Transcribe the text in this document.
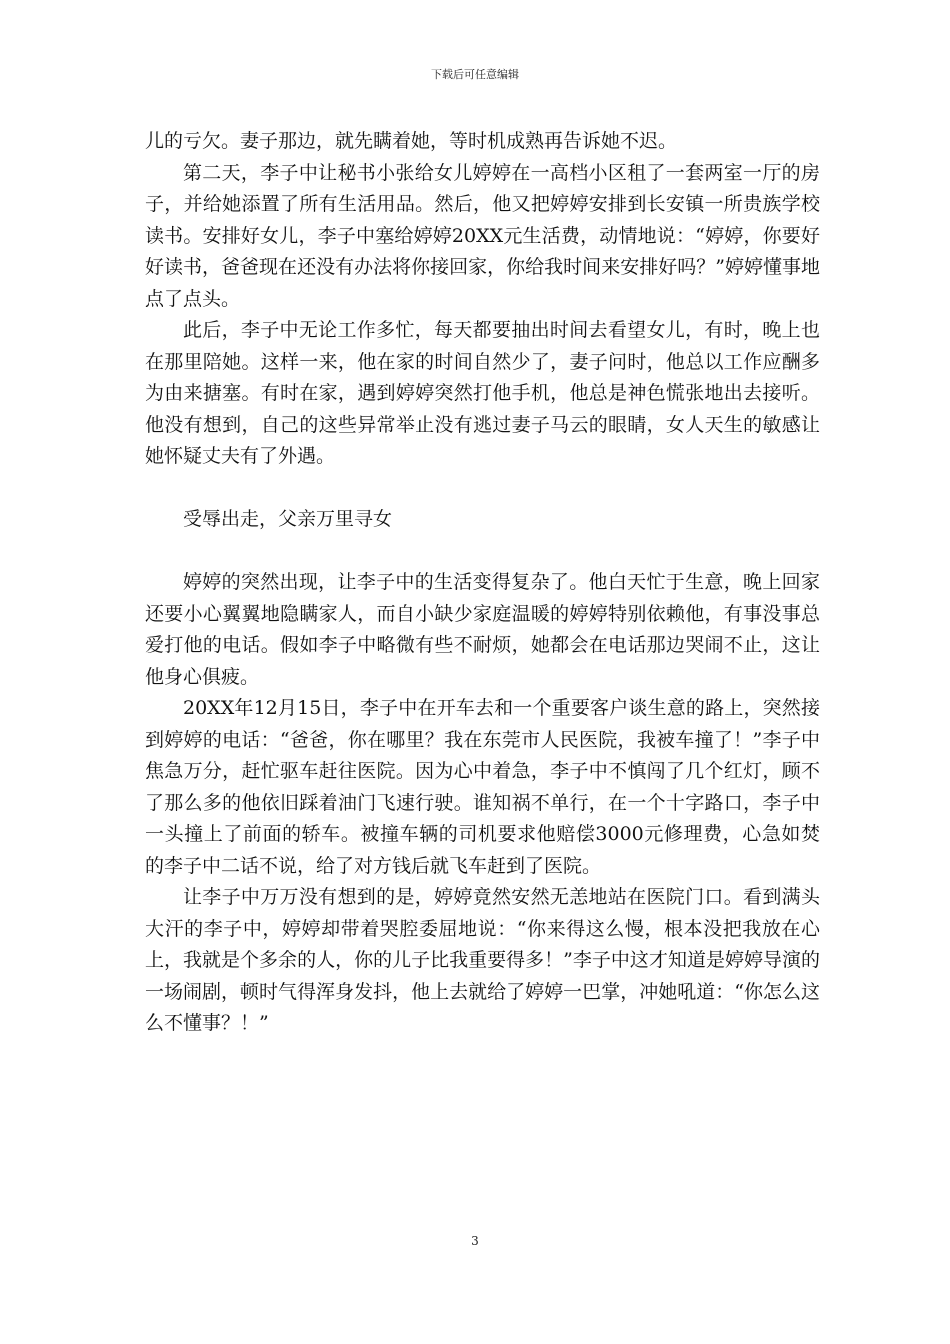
下载后可任意编辑

儿的亏欠。妻子那边，就先瞒着她，等时机成熟再告诉她不迟。

第二天，李子中让秘书小张给女儿婷婷在一高档小区租了一套两室一厅的房子，并给她添置了所有生活用品。然后，他又把婷婷安排到长安镇一所贵族学校读书。安排好女儿，李子中塞给婷婷20XX元生活费，动情地说：“婷婷，你要好好读书，爸爸现在还没有办法将你接回家，你给我时间来安排好吗？”婷婷懂事地点了点头。

此后，李子中无论工作多忙，每天都要抽出时间去看望女儿，有时，晚上也在那里陪她。这样一来，他在家的时间自然少了，妻子问时，他总以工作应酬多为由来搪塞。有时在家，遇到婷婷突然打他手机，他总是神色慌张地出去接听。他没有想到，自己的这些异常举止没有逃过妻子马云的眼睛，女人天生的敏感让她怀疑丈夫有了外遇。

受辱出走，父亲万里寻女

婷婷的突然出现，让李子中的生活变得复杂了。他白天忙于生意，晚上回家还要小心翼翼地隐瞒家人，而自小缺少家庭温暖的婷婷特别依赖他，有事没事总爱打他的电话。假如李子中略微有些不耐烦，她都会在电话那边哭闹不止，这让他身心俱疲。

20XX年12月15日，李子中在开车去和一个重要客户谈生意的路上，突然接到婷婷的电话：“爸爸，你在哪里？我在东莞市人民医院，我被车撞了！”李子中焦急万分，赶忙驱车赶往医院。因为心中着急，李子中不慎闯了几个红灯，顾不了那么多的他依旧踩着油门飞速行驶。谁知祸不单行，在一个十字路口，李子中一头撞上了前面的轿车。被撞车辆的司机要求他赔偿3000元修理费，心急如焚的李子中二话不说，给了对方钱后就飞车赶到了医院。

让李子中万万没有想到的是，婷婷竟然安然无恙地站在医院门口。看到满头大汗的李子中，婷婷却带着哭腔委屈地说：“你来得这么慢，根本没把我放在心上，我就是个多余的人，你的儿子比我重要得多！”李子中这才知道是婷婷导演的一场闹剧，顿时气得浑身发抖，他上去就给了婷婷一巴掌，冲她吼道：“你怎么这么不懂事？！”

3
